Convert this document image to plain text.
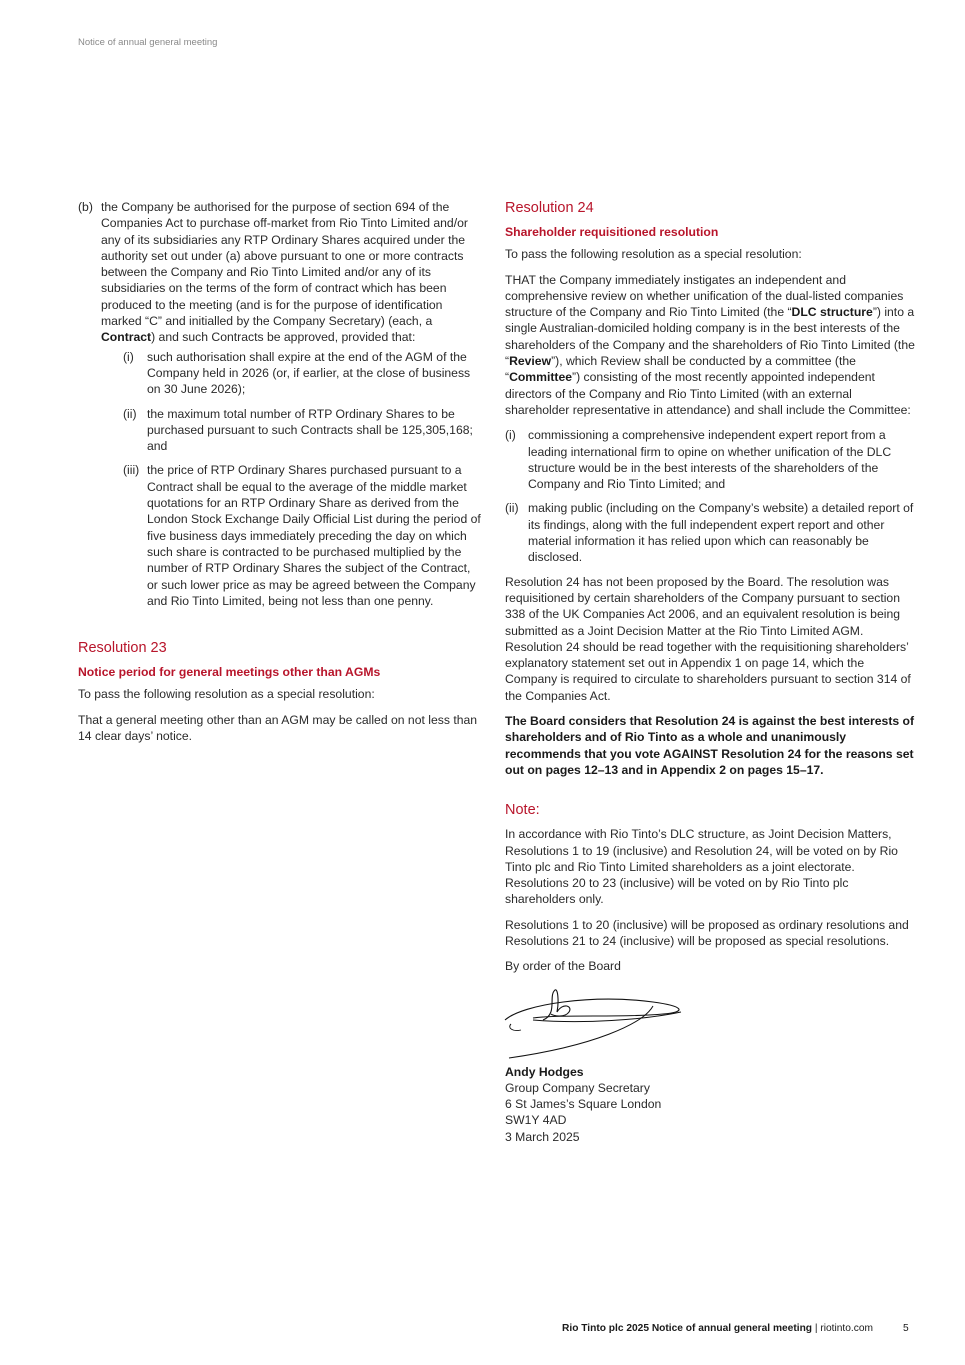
Notice of annual general meeting
(b) the Company be authorised for the purpose of section 694 of the Companies Act to purchase off-market from Rio Tinto Limited and/or any of its subsidiaries any RTP Ordinary Shares acquired under the authority set out under (a) above pursuant to one or more contracts between the Company and Rio Tinto Limited and/or any of its subsidiaries on the terms of the form of contract which has been produced to the meeting (and is for the purpose of identification marked “C” and initialled by the Company Secretary) (each, a Contract) and such Contracts be approved, provided that:
(i)	such authorisation shall expire at the end of the AGM of the Company held in 2026 (or, if earlier, at the close of business on 30 June 2026);
(ii) the maximum total number of RTP Ordinary Shares to be purchased pursuant to such Contracts shall be 125,305,168; and
(iii) the price of RTP Ordinary Shares purchased pursuant to a Contract shall be equal to the average of the middle market quotations for an RTP Ordinary Share as derived from the London Stock Exchange Daily Official List during the period of five business days immediately preceding the day on which such share is contracted to be purchased multiplied by the number of RTP Ordinary Shares the subject of the Contract, or such lower price as may be agreed between the Company and Rio Tinto Limited, being not less than one penny.
Resolution 23

Notice period for general meetings other than AGMs

To pass the following resolution as a special resolution:

That a general meeting other than an AGM may be called on not less than 14 clear days’ notice.

Resolution 24

Shareholder requisitioned resolution

To pass the following resolution as a special resolution:

THAT the Company immediately instigates an independent and comprehensive review on whether unification of the dual-listed companies structure of the Company and Rio Tinto Limited (the “DLC structure”) into a single Australian-domiciled holding company is in the best interests of the shareholders of the Company and the shareholders of Rio Tinto Limited (the “Review”), which Review shall be conducted by a committee (the “Committee”) consisting of the most recently appointed independent directors of the Company and Rio Tinto Limited (with an external shareholder representative in attendance) and shall include the Committee:

(i) commissioning a comprehensive independent expert report from a leading international firm to opine on whether unification of the DLC structure would be in the best interests of the shareholders of the Company and Rio Tinto Limited; and
(ii) making public (including on the Company’s website) a detailed report of its findings, along with the full independent expert report and other material information it has relied upon which can reasonably be disclosed.

Resolution 24 has not been proposed by the Board. The resolution was requisitioned by certain shareholders of the Company pursuant to section 338 of the UK Companies Act 2006, and an equivalent resolution is being submitted as a Joint Decision Matter at the Rio Tinto Limited AGM. Resolution 24 should be read together with the requisitioning shareholders’ explanatory statement set out in Appendix 1 on page 14, which the Company is required to circulate to shareholders pursuant to section 314 of the Companies Act.

The Board considers that Resolution 24 is against the best interests of shareholders and of Rio Tinto as a whole and unanimously recommends that you vote AGAINST Resolution 24 for the reasons set out on pages 12–13 and in Appendix 2 on pages 15–17.

Note:

In accordance with Rio Tinto’s DLC structure, as Joint Decision Matters, Resolutions 1 to 19 (inclusive) and Resolution 24, will be voted on by Rio Tinto plc and Rio Tinto Limited shareholders as a joint electorate. Resolutions 20 to 23 (inclusive) will be voted on by Rio Tinto plc shareholders only.

Resolutions 1 to 20 (inclusive) will be proposed as ordinary resolutions and Resolutions 21 to 24 (inclusive) will be proposed as special resolutions.

By order of the Board

Andy Hodges

Group Company Secretary

6 St James’s Square London

SW1Y 4AD

3 March 2025

Rio Tinto plc 2025 Notice of annual general meeting | riotinto.com	5
